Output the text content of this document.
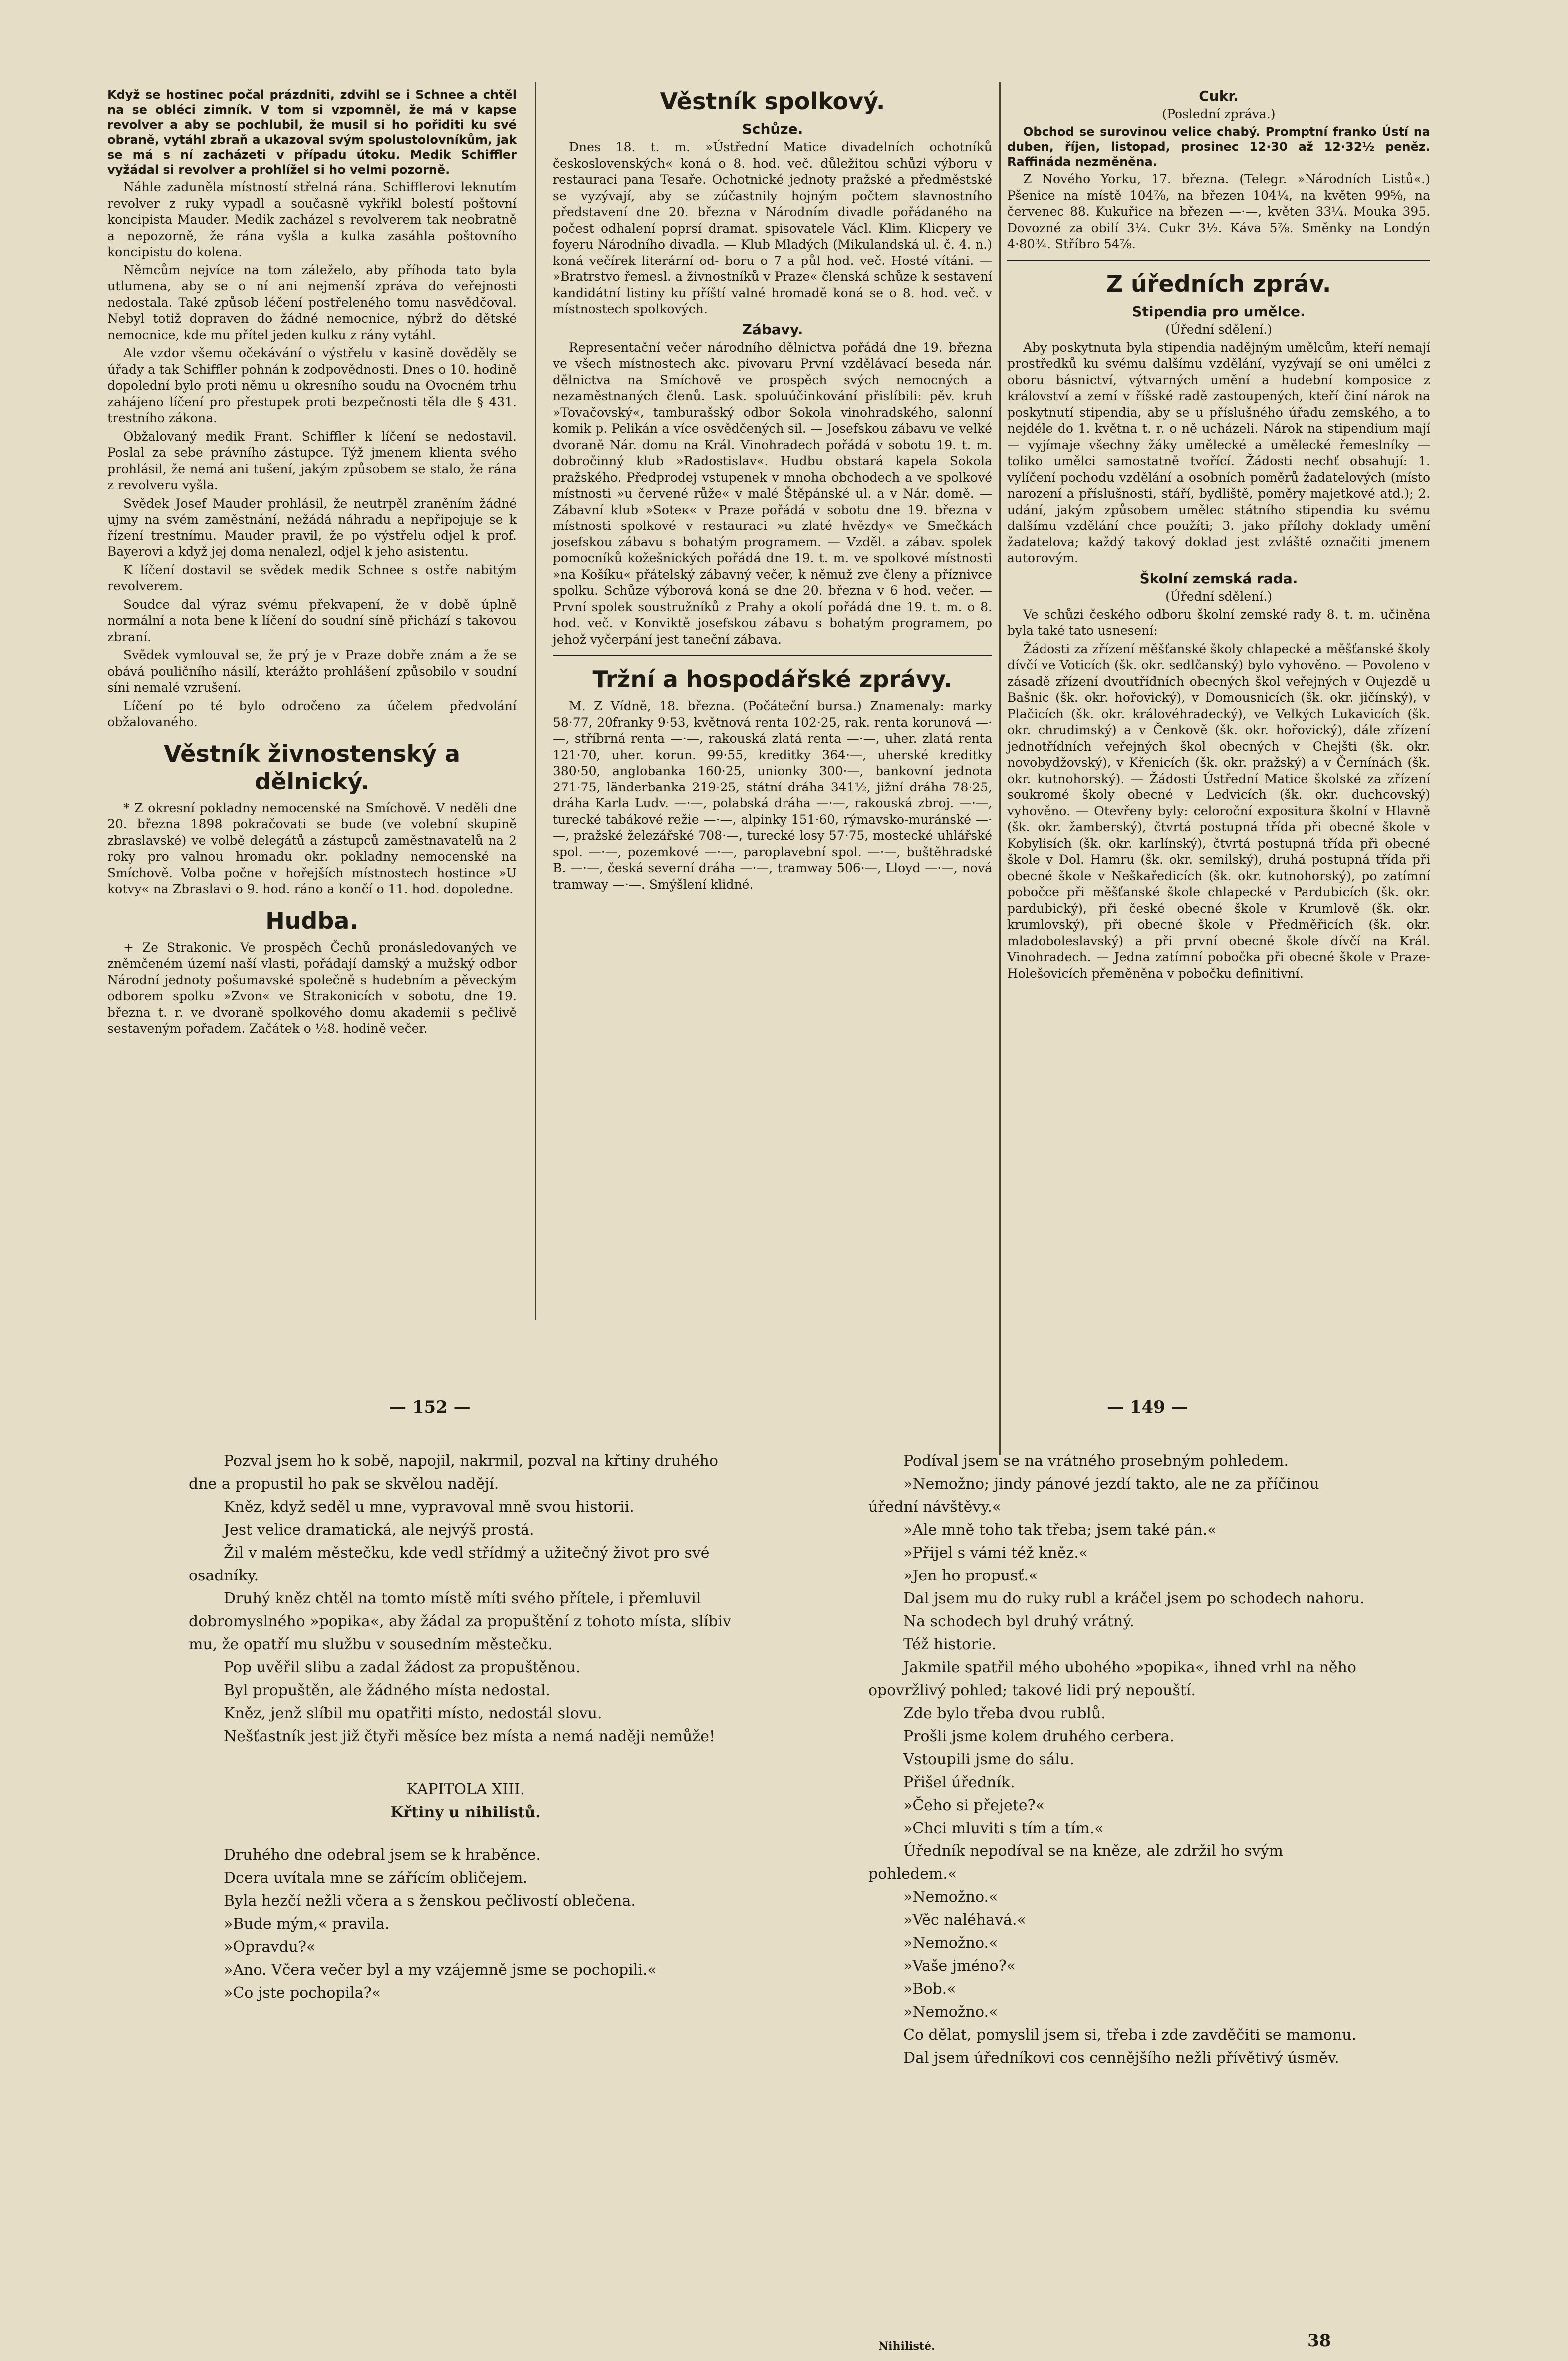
Když se hostinec počal prázdniti, zdvihl se i Schnee a chtěl na se obléci zimník. V tom si vzpomněl, že má v kapse revolver a aby se pochlubil, že musil si ho pořiditi ku své obraně, vytáhl zbraň a ukazoval svým spolustolovníkům, jak se má s ní zacházeti v případu útoku. Medik Schiffler vyžádal si revolver a prohlížel si ho velmi pozorně.

Náhle zaduněla místností střelná rána. Schifflerovi leknutím revolver z ruky vypadl a současně vykřikl bolestí poštovní koncipista Mauder. Medik zacházel s revolverem tak neobratně a nepozorně, že rána vyšla a kulka zasáhla poštovního koncipistu do kolena.

Němcům nejvíce na tom záleželo, aby příhoda tato byla utlumena, aby se o ní ani nejmenší zpráva do veřejnosti nedostala. Také způsob léčení postřeleného tomu nasvědčoval. Nebyl totiž dopraven do žádné nemocnice, nýbrž do dětské nemocnice, kde mu přítel jeden kulku z rány vytáhl.

Ale vzdor všemu očekávání o výstřelu v kasině dověděly se úřady a tak Schiffler pohnán k zodpovědnosti. Dnes o 10. hodině dopolední bylo proti němu u okresního soudu na Ovocném trhu zahájeno líčení pro přestupek proti bezpečnosti těla dle § 431. trestního zákona.

Obžalovaný medik Frant. Schiffler k líčení se nedostavil. Poslal za sebe právního zástupce. Týž jmenem klienta svého prohlásil, že nemá ani tušení, jakým způsobem se stalo, že rána z revolveru vyšla.

Svědek Josef Mauder prohlásil, že neutrpěl zraněním žádné ujmy na svém zaměstnání, nežádá náhradu a nepřipojuje se k řízení trestnímu. Mauder pravil, že po výstřelu odjel k prof. Bayerovi a když jej doma nenalezl, odjel k jeho asistentu.

K líčení dostavil se svědek medik Schnee s ostře nabitým revolverem.

Soudce dal výraz svému překvapení, že v době úplně normální a nota bene k líčení do soudní síně přichází s takovou zbraní.

Svědek vymlouval se, že prý je v Praze dobře znám a že se obává pouličního násilí, kterážto prohlášení způsobilo v soudní síni nemalé vzrušení.

Líčení po té bylo odročeno za účelem předvolání obžalovaného.

Věstník živnostenský a dělnický.

* Z okresní pokladny nemocenské na Smíchově. V neděli dne 20. března 1898 pokračovati se bude (ve volební skupině zbraslavské) ve volbě delegátů a zástupců zaměstnavatelů na 2 roky pro valnou hromadu okr. pokladny nemocenské na Smíchově. Volba počne v hořejších místnostech hostince »U kotvy« na Zbraslavi o 9. hod. ráno a končí o 11. hod. dopoledne.

Hudba.

+ Ze Strakonic. Ve prospěch Čechů pronásledovaných ve zněmčeném území naší vlasti, pořádají damský a mužský odbor Národní jednoty pošumavské společně s hudebním a pěveckým odborem spolku »Zvon« ve Strakonicích v sobotu, dne 19. března t. r. ve dvoraně spolkového domu akademii s pečlivě sestaveným pořadem. Začátek o ½8. hodině večer.

Věstník spolkový.
Schůze.

Dnes 18. t. m. »Ústřední Matice divadelních ochotníků československých« koná o 8. hod. več. důležitou schůzi výboru v restauraci pana Tesaře. Ochotnické jednoty pražské a předměstské se vyzývají, aby se zúčastnily hojným počtem slavnostního představení dne 20. března v Národním divadle pořádaného na počest odhalení poprsí dramat. spisovatele Václ. Klim. Klicpery ve foyeru Národního divadla. — Klub Mladých (Mikulandská ul. č. 4. n.) koná večírek literární od- boru o 7 a půl hod. več. Hosté vítáni. — »Bratrstvo řemesl. a živnostníků v Praze« členská schůze k sestavení kandidátní listiny ku příští valné hromadě koná se o 8. hod. več. v místnostech spolkových.

Zábavy.

Representační večer národního dělnictva pořádá dne 19. března ve všech místnostech akc. pivovaru První vzdělávací beseda nár. dělnictva na Smíchově ve prospěch svých nemocných a nezaměstnaných členů. Lask. spoluúčinkování přislíbili: pěv. kruh »Tovačovský«, tamburašský odbor Sokola vinohradského, salonní komik p. Pelikán a více osvědčených sil. — Josefskou zábavu ve velké dvoraně Nár. domu na Král. Vinohradech pořádá v sobotu 19. t. m. dobročinný klub »Radostislav«. Hudbu obstará kapela Sokola pražského. Předprodej vstupenek v mnoha obchodech a ve spolkové místnosti »u červené růže« v malé Štěpánské ul. a v Nár. domě. — Zábavní klub »Soteк« v Praze pořádá v sobotu dne 19. března v místnosti spolkové v restauraci »u zlaté hvězdy« ve Smečkách josefskou zábavu s bohatým programem. — Vzděl. a zábav. spolek pomocníků kožešnických pořádá dne 19. t. m. ve spolkové místnosti »na Košíku« přátelský zábavný večer, k němuž zve členy a příznivce spolku. Schůze výborová koná se dne 20. března v 6 hod. večer. — První spolek soustružníků z Prahy a okolí pořádá dne 19. t. m. o 8. hod. več. v Konviktě josefskou zábavu s bohatým programem, po jehož vyčerpání jest taneční zábava.

Tržní a hospodářské zprávy.

M. Z Vídně, 18. března. (Počáteční bursa.) Znamenaly: marky 58·77, 20franky 9·53, květnová renta 102·25, rak. renta korunová —·—, stříbrná renta —·—, rakouská zlatá renta —·—, uher. zlatá renta 121·70, uher. korun. 99·55, kreditky 364·—, uherské kreditky 380·50, anglobanka 160·25, unionky 300·—, bankovní jednota 271·75, länderbanka 219·25, státní dráha 341½, jižní dráha 78·25, dráha Karla Ludv. —·—, polabská dráha —·—, rakouská zbroj. —·—, turecké tabákové režie —·—, alpinky 151·60, rýmavsko-muránské —·—, pražské železářské 708·—, turecké losy 57·75, mostecké uhlářské spol. —·—, pozemkové —·—, paroplavební spol. —·—, buštěhradské B. —·—, česká severní dráha —·—, tramway 506·—, Lloyd —·—, nová tramway —·—. Smýšlení klidné.

Cukr.
(Poslední zpráva.)

Obchod se surovinou velice chabý. Promptní franko Ústí na duben, říjen, listopad, prosinec 12·30 až 12·32½ peněz. Raffináda nezměněna.

Z Nového Yorku, 17. března. (Telegr. »Národních Listů«.) Pšenice na místě 104⅞, na březen 104¼, na květen 99⅝, na červenec 88. Kukuřice na březen —·—, květen 33¼. Mouka 395. Dovozné za obilí 3¼. Cukr 3½. Káva 5⅞. Směnky na Londýn 4·80¾. Stříbro 54⅞.

Z úředních zpráv.
Stipendia pro umělce.
(Úřední sdělení.)

Aby poskytnuta byla stipendia nadějným umělcům, kteří nemají prostředků ku svému dalšímu vzdělání, vyzývají se oni umělci z oboru básnictví, výtvarných umění a hudební komposice z království a zemí v říšské radě zastoupených, kteří činí nárok na poskytnutí stipendia, aby se u příslušného úřadu zemského, a to nejdéle do 1. května t. r. o ně ucházeli. Nárok na stipendium mají — vyjímaje všechny žáky umělecké a umělecké řemeslníky — toliko umělci samostatně tvořící. Žádosti nechť obsahují: 1. vylíčení pochodu vzdělání a osobních poměrů žadatelových (místo narození a příslušnosti, stáří, bydliště, poměry majetkové atd.); 2. udání, jakým způsobem umělec státního stipendia ku svému dalšímu vzdělání chce použíti; 3. jako přílohy doklady umění žadatelova; každý takový doklad jest zvláště označiti jmenem autorovým.

Školní zemská rada.
(Úřední sdělení.)

Ve schůzi českého odboru školní zemské rady 8. t. m. učiněna byla také tato usnesení:

Žádosti za zřízení měšťanské školy chlapecké a měšťanské školy dívčí ve Voticích (šk. okr. sedlčanský) bylo vyhověno. — Povoleno v zásadě zřízení dvoutřídních obecných škol veřejných v Oujezdě u Bašnic (šk. okr. hořovický), v Domousnicích (šk. okr. jičínský), v Plačicích (šk. okr. královéhradecký), ve Velkých Lukavicích (šk. okr. chrudimský) a v Čenkově (šk. okr. hořovický), dále zřízení jednotřídních veřejných škol obecných v Chejšti (šk. okr. novobydžovský), v Křenicích (šk. okr. pražský) a v Černínách (šk. okr. kutnohorský). — Žádosti Ústřední Matice školské za zřízení soukromé školy obecné v Ledvicích (šk. okr. duchcovský) vyhověno. — Otevřeny byly: celoroční expositura školní v Hlavně (šk. okr. žamberský), čtvrtá postupná třída při obecné škole v Kobylisích (šk. okr. karlínský), čtvrtá postupná třída při obecné škole v Dol. Hamru (šk. okr. semilský), druhá postupná třída při obecné škole v Neškaředicích (šk. okr. kutnohorský), po zatímní pobočce při měšťanské škole chlapecké v Pardubicích (šk. okr. pardubický), při české obecné škole v Krumlově (šk. okr. krumlovský), při obecné škole v Předměřicích (šk. okr. mladoboleslavský) a při první obecné škole dívčí na Král. Vinohradech. — Jedna zatímní pobočka při obecné škole v Praze-Holešovicích přeměněna v pobočku definitivní.

— 152 —	— 149 —

Pozval jsem ho k sobě, napojil, nakrmil, pozval na křtiny druhého dne a propustil ho pak se skvělou nadějí.

Kněz, když seděl u mne, vypravoval mně svou historii.

Jest velice dramatická, ale nejvýš prostá.

Žil v malém městečku, kde vedl střídmý a užitečný život pro své osadníky.

Druhý kněz chtěl na tomto místě míti svého přítele, i přemluvil dobromyslného »popika«, aby žádal za propuštění z tohoto místa, slíbiv mu, že opatří mu službu v sousedním městečku.

Pop uvěřil slibu a zadal žádost za propuštěnou.

Byl propuštěn, ale žádného místa nedostal.

Kněz, jenž slíbil mu opatřiti místo, nedostál slovu.

Nešťastník jest již čtyři měsíce bez místa a nemá naději nemůže!

KAPITOLA XIII.

Křtiny u nihilistů.

Druhého dne odebral jsem se k hraběnce.

Dcera uvítala mne se zářícím obličejem.

Byla hezčí nežli včera a s ženskou pečlivostí oblečena.

»Bude mým,« pravila.

»Opravdu?«

»Ano. Včera večer byl a my vzájemně jsme se pochopili.«

»Co jste pochopila?«

Podíval jsem se na vrátného prosebným pohledem.

»Nemožno; jindy pánové jezdí takto, ale ne za příčinou úřední návštěvy.«

»Ale mně toho tak třeba; jsem také pán.«

»Přijel s vámi též kněz.«

»Jen ho propusť.«

Dal jsem mu do ruky rubl a kráčel jsem po schodech nahoru.

Na schodech byl druhý vrátný.

Též historie.

Jakmile spatřil mého ubohého »popika«, ihned vrhl na něho opovržlivý pohled; takové lidi prý nepouští.

Zde bylo třeba dvou rublů.

Prošli jsme kolem druhého cerbera.

Vstoupili jsme do sálu.

Přišel úředník.

»Čeho si přejete?«

»Chci mluviti s tím a tím.«

Úředník nepodíval se na kněze, ale zdržil ho svým pohledem.«

»Nemožno.«

»Věc naléhavá.«

»Nemožno.«

»Vaše jméno?«

»Bob.«

»Nemožno.«

Co dělat, pomyslil jsem si, třeba i zde zavděčiti se mamonu.

Dal jsem úředníkovi cos cennějšího nežli přívětivý úsměv.

Nihilisté.	38
